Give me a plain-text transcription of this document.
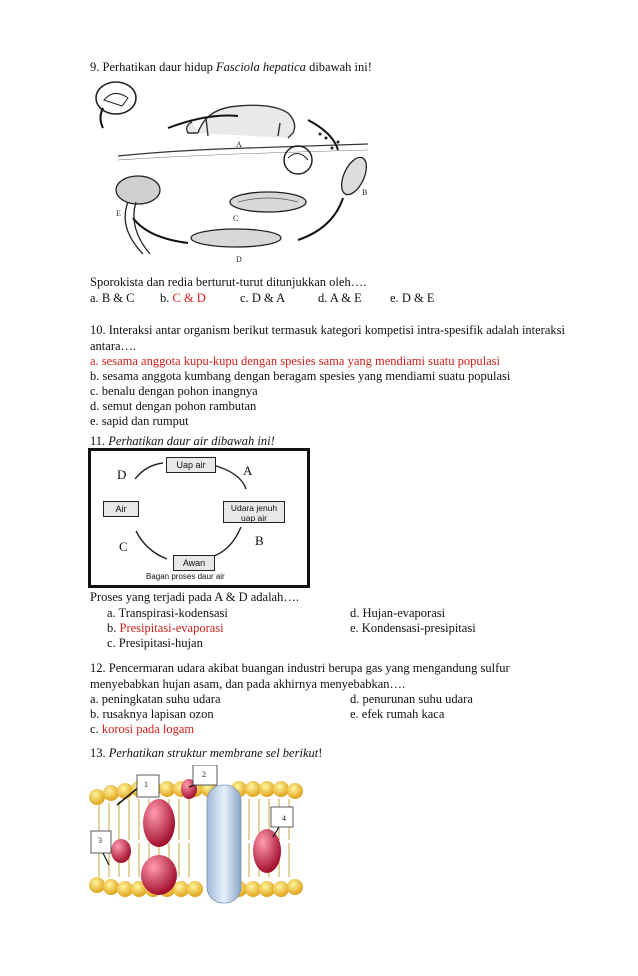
9. Perhatikan daur hidup Fasciola hepatica dibawah ini!
A
B
C
D
E
Sporokista dan redia berturut-turut ditunjukkan oleh….
a. B & C b. C & D	c. D & A	d. A & E e. D & E
10. Interaksi antar organism berikut termasuk kategori kompetisi intra-spesifik adalah interaksi
antara….
a. sesama anggota kupu-kupu dengan spesies sama yang mendiami suatu populasi
b. sesama anggota kumbang dengan beragam spesies yang mendiami suatu populasi
c. benalu dengan pohon inangnya
d. semut dengan pohon rambutan
e. sapid dan rumput
11. Perhatikan daur air dibawah ini!
Uap air
Udara jenuh
uap air
Awan
Air
Bagan proses daur air
D	A
B
C
Proses yang terjadi pada A & D adalah….
a. Transpirasi-kodensasi	d. Hujan-evaporasi
b. Presipitasi-evaporasi	e. Kondensasi-presipitasi
c. Presipitasi-hujan
12. Pencermaran udara akibat buangan industri berupa gas yang mengandung sulfur
menyebabkan hujan asam, dan pada akhirnya menyebabkan….
a. peningkatan suhu udara	d. penurunan suhu udara
b. rusaknya lapisan ozon	e. efek rumah kaca
c. korosi pada logam
13. Perhatikan struktur membrane sel berikut!
1
2
3
4
